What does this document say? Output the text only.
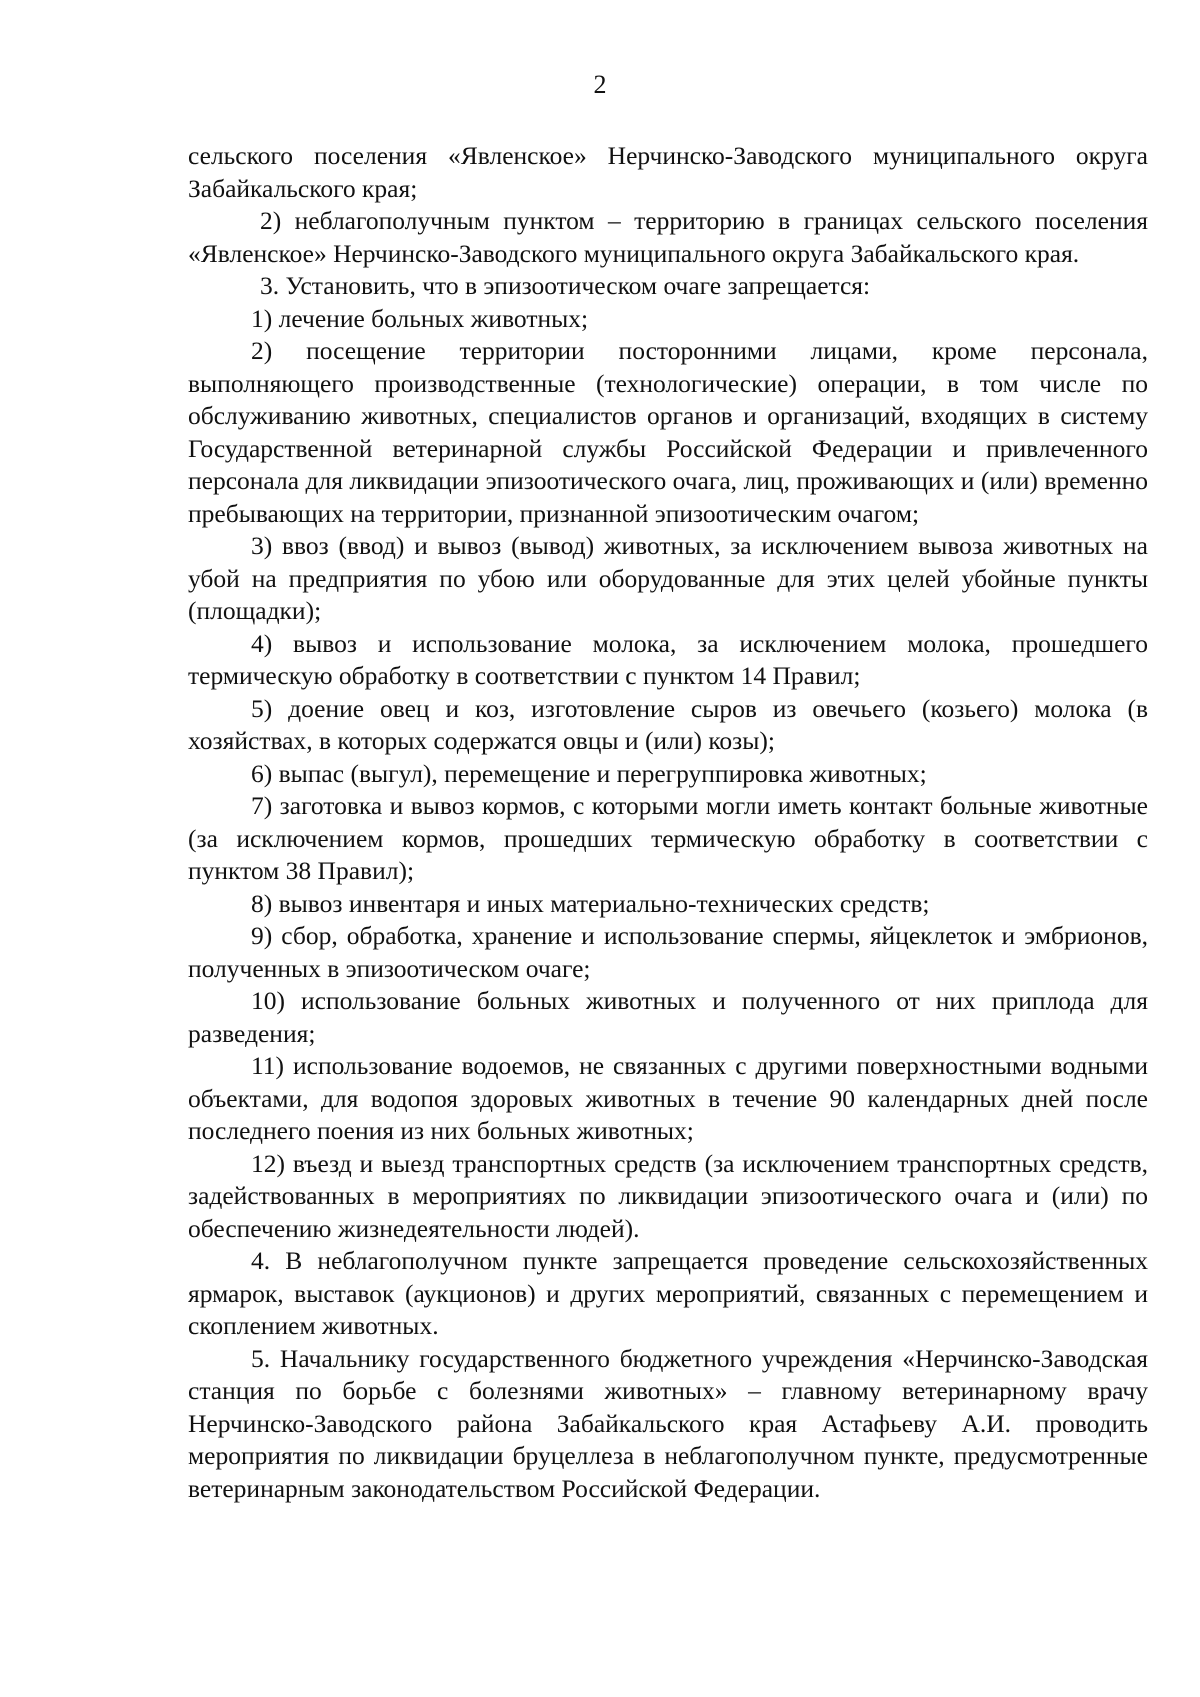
2

сельского поселения «Явленское» Нерчинско-Заводского муниципального округа Забайкальского края;

2) неблагополучным пунктом – территорию в границах сельского поселения «Явленское» Нерчинско-Заводского муниципального округа Забайкальского края.

3. Установить, что в эпизоотическом очаге запрещается:

1) лечение больных животных;

2) посещение территории посторонними лицами, кроме персонала, выполняющего производственные (технологические) операции, в том числе по обслуживанию животных, специалистов органов и организаций, входящих в систему Государственной ветеринарной службы Российской Федерации и привлеченного персонала для ликвидации эпизоотического очага, лиц, проживающих и (или) временно пребывающих на территории, признанной эпизоотическим очагом;

3) ввоз (ввод) и вывоз (вывод) животных, за исключением вывоза животных на убой на предприятия по убою или оборудованные для этих целей убойные пункты (площадки);

4) вывоз и использование молока, за исключением молока, прошедшего термическую обработку в соответствии с пунктом 14 Правил;

5) доение овец и коз, изготовление сыров из овечьего (козьего) молока (в хозяйствах, в которых содержатся овцы и (или) козы);

6) выпас (выгул), перемещение и перегруппировка животных;

7) заготовка и вывоз кормов, с которыми могли иметь контакт больные животные (за исключением кормов, прошедших термическую обработку в соответствии с пунктом 38 Правил);

8) вывоз инвентаря и иных материально-технических средств;

9) сбор, обработка, хранение и использование спермы, яйцеклеток и эмбрионов, полученных в эпизоотическом очаге;

10) использование больных животных и полученного от них приплода для разведения;

11) использование водоемов, не связанных с другими поверхностными водными объектами, для водопоя здоровых животных в течение 90 календарных дней после последнего поения из них больных животных;

12) въезд и выезд транспортных средств (за исключением транспортных средств, задействованных в мероприятиях по ликвидации эпизоотического очага и (или) по обеспечению жизнедеятельности людей).

4. В неблагополучном пункте запрещается проведение сельскохозяйственных ярмарок, выставок (аукционов) и других мероприятий, связанных с перемещением и скоплением животных.

5. Начальнику государственного бюджетного учреждения «Нерчинско-Заводская станция по борьбе с болезнями животных» – главному ветеринарному врачу Нерчинско-Заводского района Забайкальского края Астафьеву А.И. проводить мероприятия по ликвидации бруцеллеза в неблагополучном пункте, предусмотренные ветеринарным законодательством Российской Федерации.
